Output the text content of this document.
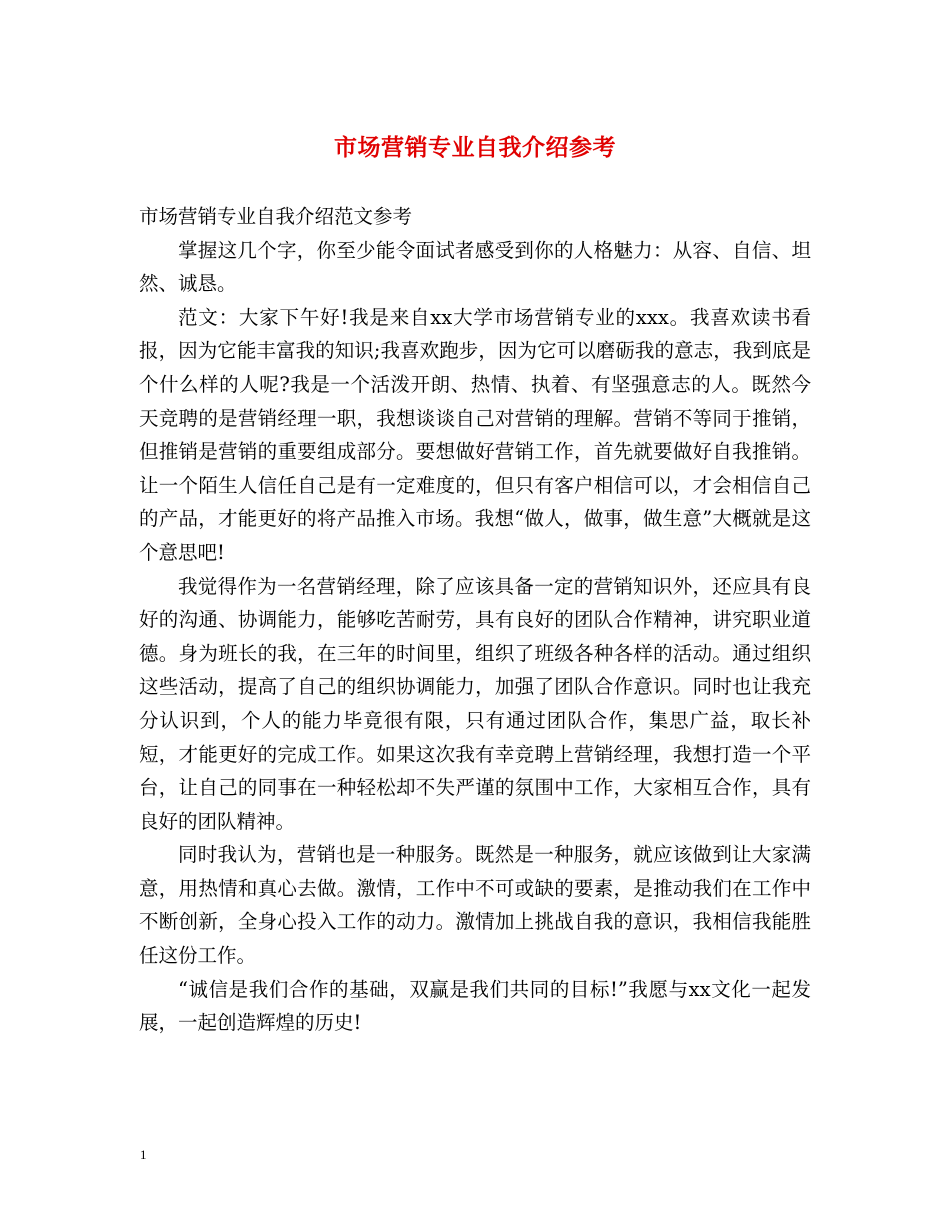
市场营销专业自我介绍参考

市场营销专业自我介绍范文参考

掌握这几个字，你至少能令面试者感受到你的人格魅力：从容、自信、坦然、诚恳。

范文：大家下午好!我是来自xx大学市场营销专业的xxx。我喜欢读书看报，因为它能丰富我的知识;我喜欢跑步，因为它可以磨砺我的意志，我到底是个什么样的人呢?我是一个活泼开朗、热情、执着、有坚强意志的人。既然今天竞聘的是营销经理一职，我想谈谈自己对营销的理解。营销不等同于推销，但推销是营销的重要组成部分。要想做好营销工作，首先就要做好自我推销。让一个陌生人信任自己是有一定难度的，但只有客户相信可以，才会相信自己的产品，才能更好的将产品推入市场。我想“做人，做事，做生意”大概就是这个意思吧!

我觉得作为一名营销经理，除了应该具备一定的营销知识外，还应具有良好的沟通、协调能力，能够吃苦耐劳，具有良好的团队合作精神，讲究职业道德。身为班长的我，在三年的时间里，组织了班级各种各样的活动。通过组织这些活动，提高了自己的组织协调能力，加强了团队合作意识。同时也让我充分认识到，个人的能力毕竟很有限，只有通过团队合作，集思广益，取长补短，才能更好的完成工作。如果这次我有幸竞聘上营销经理，我想打造一个平台，让自己的同事在一种轻松却不失严谨的氛围中工作，大家相互合作，具有良好的团队精神。

同时我认为，营销也是一种服务。既然是一种服务，就应该做到让大家满意，用热情和真心去做。激情，工作中不可或缺的要素，是推动我们在工作中不断创新，全身心投入工作的动力。激情加上挑战自我的意识，我相信我能胜任这份工作。

“诚信是我们合作的基础，双赢是我们共同的目标!”我愿与xx文化一起发展，一起创造辉煌的历史!

1
